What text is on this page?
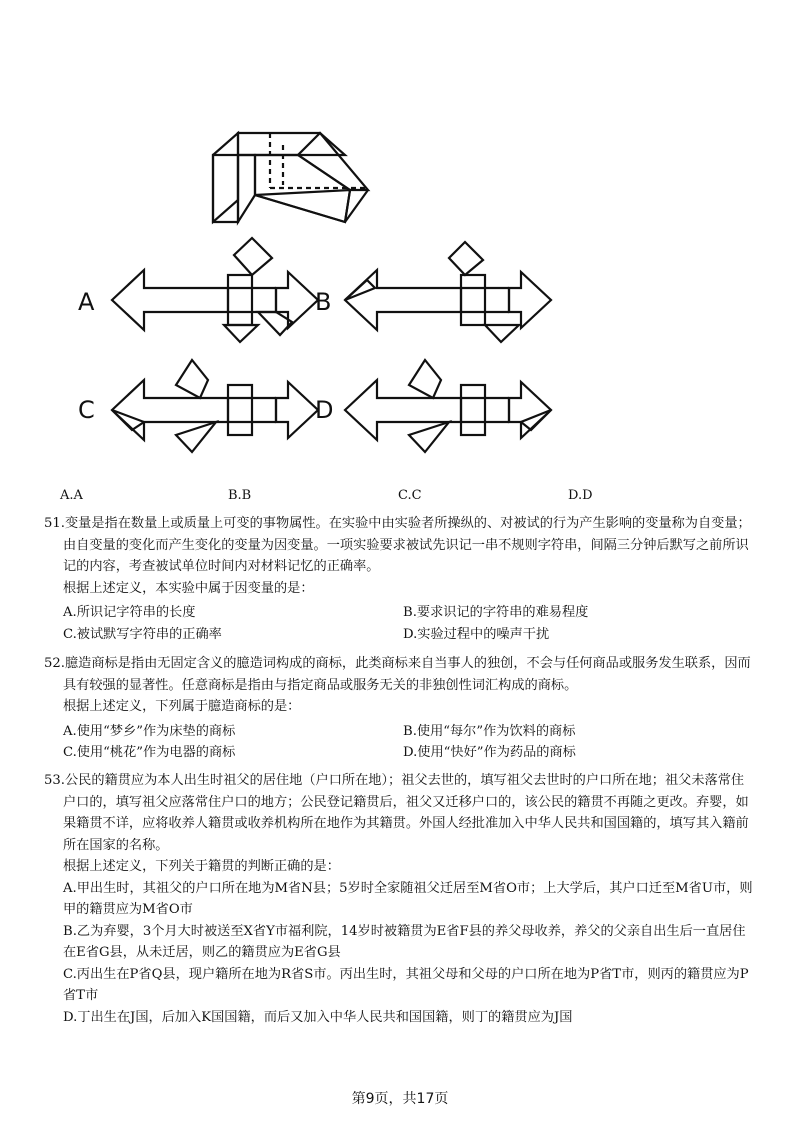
A	B
C	D
A.A	B.B	C.C	D.D

51.变量是指在数量上或质量上可变的事物属性。在实验中由实验者所操纵的、对被试的行为产生影响的变量称为自变量；由自变量的变化而产生变化的变量为因变量。一项实验要求被试先识记一串不规则字符串，间隔三分钟后默写之前所识记的内容，考查被试单位时间内对材料记忆的正确率。

根据上述定义，本实验中属于因变量的是：

A.所识记字符串的长度	B.要求识记的字符串的难易程度

C.被试默写字符串的正确率	D.实验过程中的噪声干扰

52.臆造商标是指由无固定含义的臆造词构成的商标，此类商标来自当事人的独创，不会与任何商品或服务发生联系，因而具有较强的显著性。任意商标是指由与指定商品或服务无关的非独创性词汇构成的商标。

根据上述定义，下列属于臆造商标的是：

A.使用“梦乡”作为床垫的商标	B.使用“每尔”作为饮料的商标

C.使用“桃花”作为电器的商标	D.使用“快好”作为药品的商标

53.公民的籍贯应为本人出生时祖父的居住地（户口所在地）；祖父去世的，填写祖父去世时的户口所在地；祖父未落常住户口的，填写祖父应落常住户口的地方；公民登记籍贯后，祖父又迁移户口的，该公民的籍贯不再随之更改。弃婴，如果籍贯不详，应将收养人籍贯或收养机构所在地作为其籍贯。外国人经批准加入中华人民共和国国籍的，填写其入籍前所在国家的名称。

根据上述定义，下列关于籍贯的判断正确的是：

A.甲出生时，其祖父的户口所在地为M省N县；5岁时全家随祖父迁居至M省O市；上大学后，其户口迁至M省U市，则甲的籍贯应为M省O市

B.乙为弃婴，3个月大时被送至X省Y市福利院，14岁时被籍贯为E省F县的养父母收养，养父的父亲自出生后一直居住在E省G县，从未迁居，则乙的籍贯应为E省G县

C.丙出生在P省Q县，现户籍所在地为R省S市。丙出生时，其祖父母和父母的户口所在地为P省T市，则丙的籍贯应为P省T市

D.丁出生在J国，后加入K国国籍，而后又加入中华人民共和国国籍，则丁的籍贯应为J国

第9页，共17页
